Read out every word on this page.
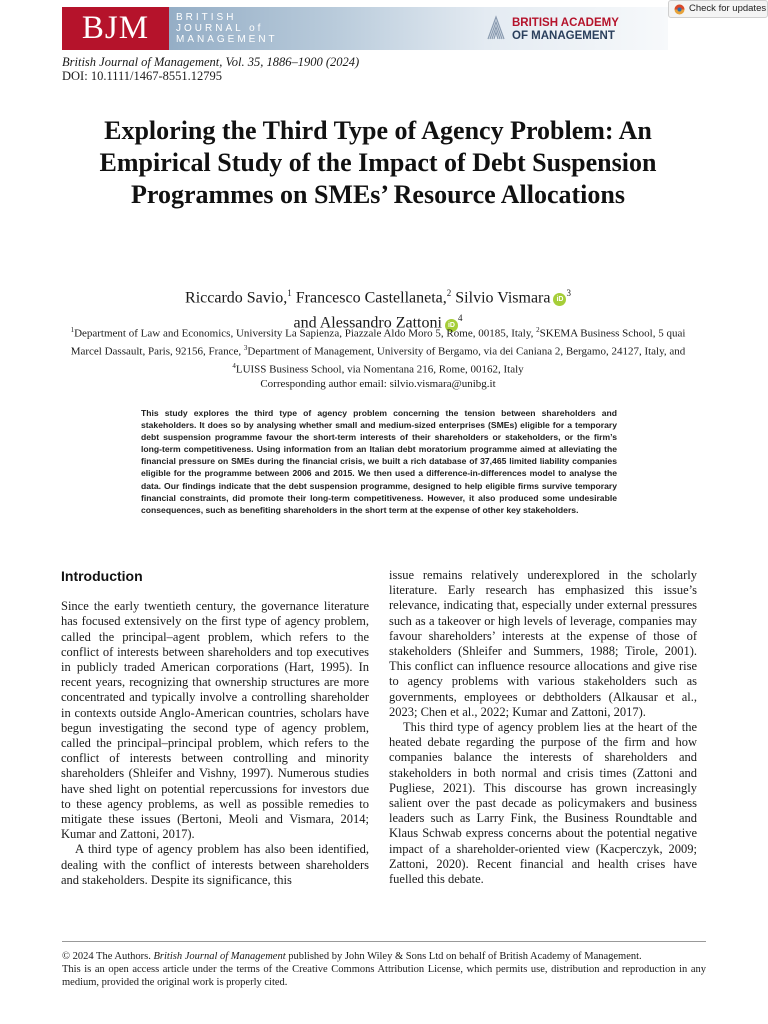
BJM	BRITISH
JOURNAL of
MANAGEMENT
BRITISH ACADEMY
OF MANAGEMENT
Check for updates
British Journal of Management, Vol. 35, 1886–1900 (2024)
DOI: 10.1111/1467-8551.12795
Exploring the Third Type of Agency Problem: An Empirical Study of the Impact of Debt Suspension Programmes on SMEs’ Resource Allocations
Riccardo Savio,$^1$ Francesco Castellaneta,$^2$ Silvio Vismara $iD^3$
and Alessandro Zattoni $iD^4$
$^1$Department of Law and Economics, University La Sapienza, Piazzale Aldo Moro 5, Rome, 00185, Italy, $^2$SKEMA Business School, 5 quai Marcel Dassault, Paris, 92156, France, $^3$Department of Management, University of Bergamo, via dei Caniana 2, Bergamo, 24127, Italy, and $^4$LUISS Business School, via Nomentana 216, Rome, 00162, Italy
Corresponding author email: silvio.vismara@unibg.it
This study explores the third type of agency problem concerning the tension between shareholders and stakeholders. It does so by analysing whether small and medium-sized enterprises (SMEs) eligible for a temporary debt suspension programme favour the short-term interests of their shareholders or stakeholders, or the firm’s long-term competitiveness. Using information from an Italian debt moratorium programme aimed at alleviating the financial pressure on SMEs during the financial crisis, we built a rich database of 37,465 limited liability companies eligible for the programme between 2006 and 2015. We then used a difference-in-differences model to analyse the data. Our findings indicate that the debt suspension programme, designed to help eligible firms survive temporary financial constraints, did promote their long-term competitiveness. However, it also produced some undesirable consequences, such as benefiting shareholders in the short term at the expense of other key stakeholders.
Introduction

Since the early twentieth century, the governance literature has focused extensively on the first type of agency problem, called the principal–agent problem, which refers to the conflict of interests between shareholders and top executives in publicly traded American corporations (Hart, 1995). In recent years, recognizing that ownership structures are more concentrated and typically involve a controlling shareholder in contexts outside Anglo-American countries, scholars have begun investigating the second type of agency problem, called the principal–principal problem, which refers to the conflict of interests between controlling and minority shareholders (Shleifer and Vishny, 1997). Numerous studies have shed light on potential repercussions for investors due to these agency problems, as well as possible remedies to mitigate these issues (Bertoni, Meoli and Vismara, 2014; Kumar and Zattoni, 2017).

A third type of agency problem has also been identified, dealing with the conflict of interests between shareholders and stakeholders. Despite its significance, this

issue remains relatively underexplored in the scholarly literature. Early research has emphasized this issue’s relevance, indicating that, especially under external pressures such as a takeover or high levels of leverage, companies may favour shareholders’ interests at the expense of those of stakeholders (Shleifer and Summers, 1988; Tirole, 2001). This conflict can influence resource allocations and give rise to agency problems with various stakeholders such as governments, employees or debtholders (Alkausar et al., 2023; Chen et al., 2022; Kumar and Zattoni, 2017).

This third type of agency problem lies at the heart of the heated debate regarding the purpose of the firm and how companies balance the interests of shareholders and stakeholders in both normal and crisis times (Zattoni and Pugliese, 2021). This discourse has grown increasingly salient over the past decade as policymakers and business leaders such as Larry Fink, the Business Roundtable and Klaus Schwab express concerns about the potential negative impact of a shareholder-oriented view (Kacperczyk, 2009; Zattoni, 2020). Recent financial and health crises have fuelled this debate.

© 2024 The Authors. British Journal of Management published by John Wiley & Sons Ltd on behalf of British Academy of Management.

This is an open access article under the terms of the Creative Commons Attribution License, which permits use, distribution and reproduction in any medium, provided the original work is properly cited.
